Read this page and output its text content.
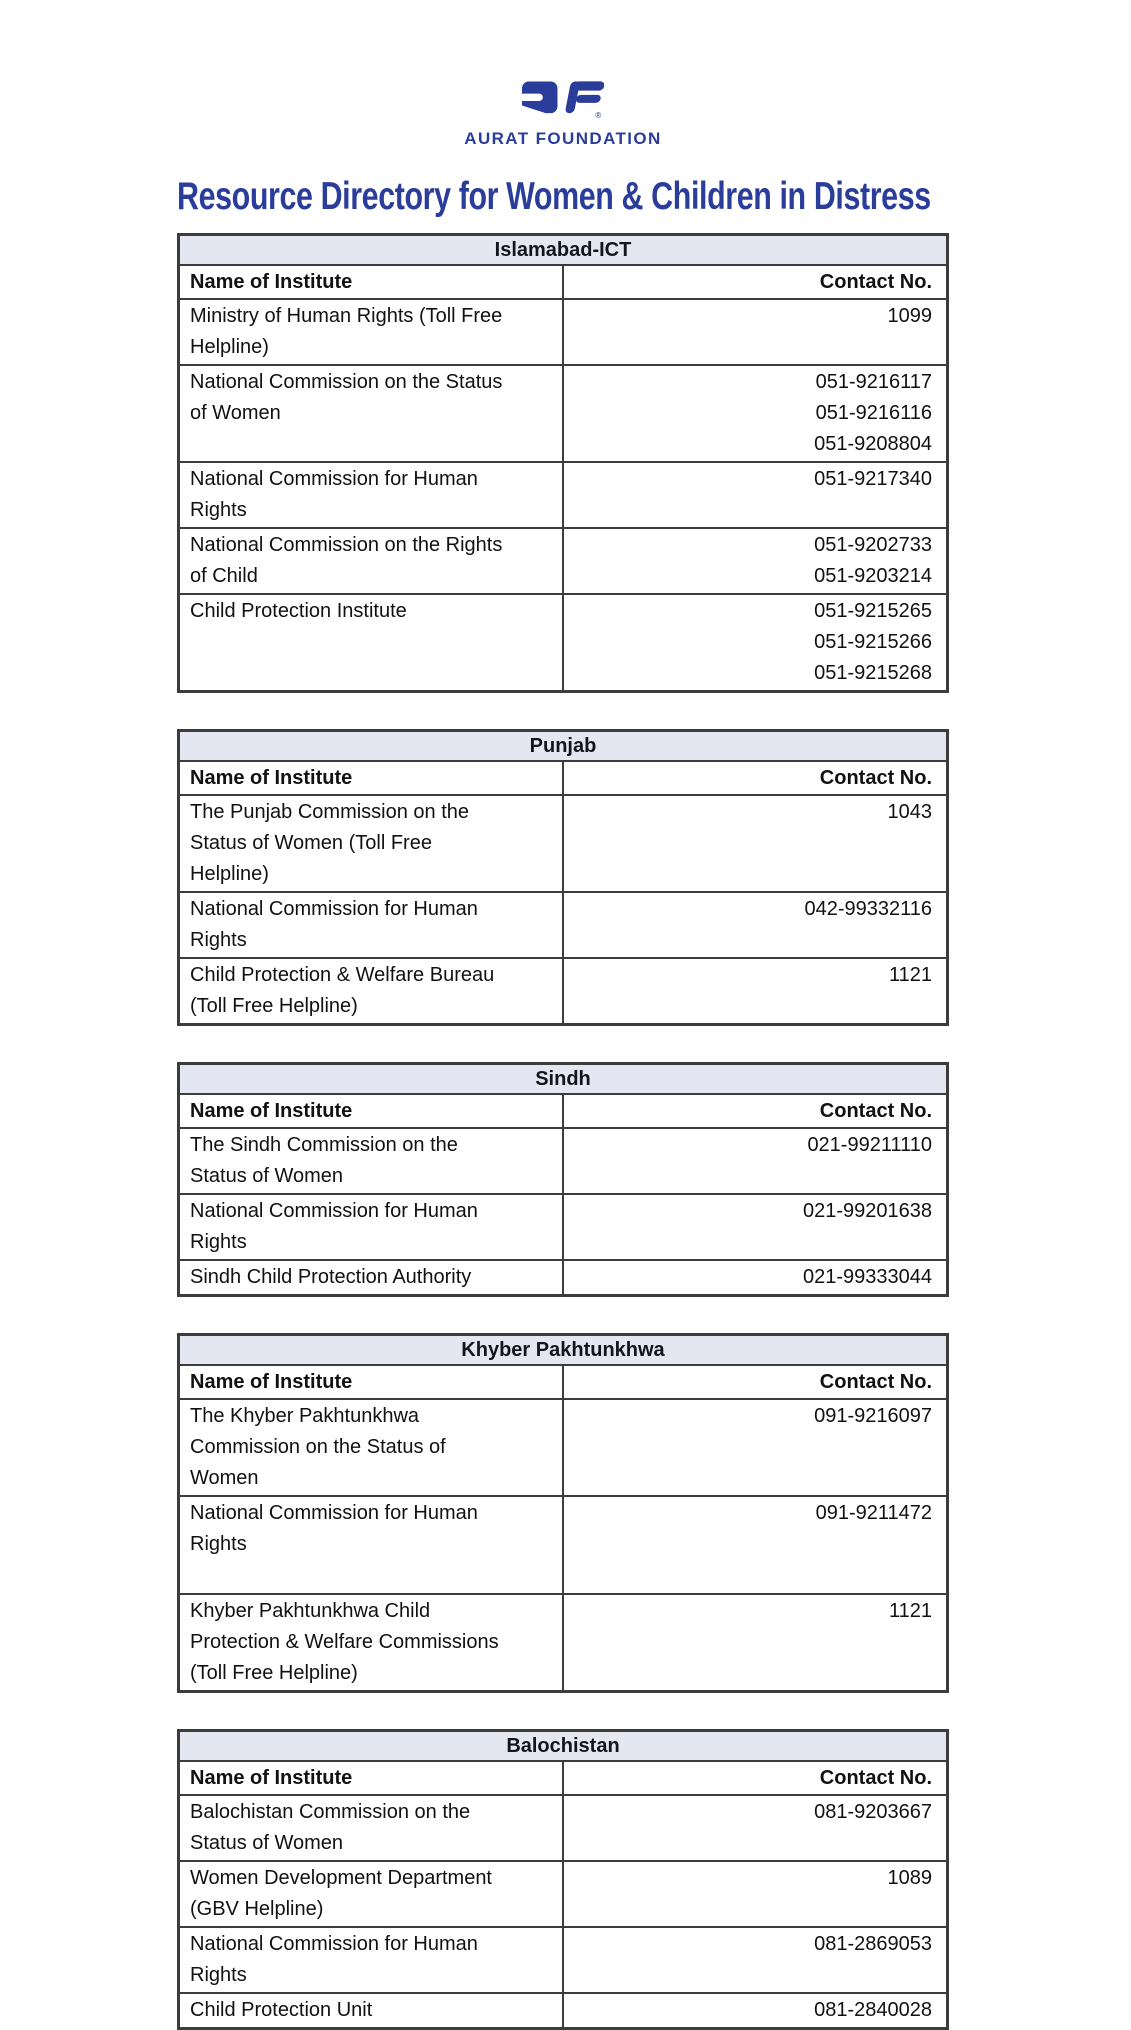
®
AURAT FOUNDATION
Resource Directory for Women & Children in Distress
Islamabad-ICT	
Name of Institute	Contact No.
Ministry of Human Rights (Toll Free Helpline)	1099

National Commission on the Status of Women	051-9216117
051-9216116
051-9208804

National Commission for Human Rights	051-9217340

National Commission on the Rights of Child	051-9202733
051-9203214

Child Protection Institute	051-9215265
051-9215266
051-9215268
Punjab	
Name of Institute	Contact No.
The Punjab Commission on the Status of Women (Toll Free Helpline)	1043

National Commission for Human Rights	042-99332116

Child Protection & Welfare Bureau (Toll Free Helpline)	1121
Sindh	
Name of Institute	Contact No.
The Sindh Commission on the Status of Women	021-99211110

National Commission for Human Rights	021-99201638

Sindh Child Protection Authority	021-99333044
Khyber Pakhtunkhwa	
Name of Institute	Contact No.
The Khyber Pakhtunkhwa Commission on the Status of Women	091-9216097

National Commission for Human Rights	091-9211472

Khyber Pakhtunkhwa Child Protection & Welfare Commissions (Toll Free Helpline)	1121
Balochistan	
Name of Institute	Contact No.
Balochistan Commission on the Status of Women	081-9203667

Women Development Department (GBV Helpline)	1089

National Commission for Human Rights	081-2869053

Child Protection Unit	081-2840028
